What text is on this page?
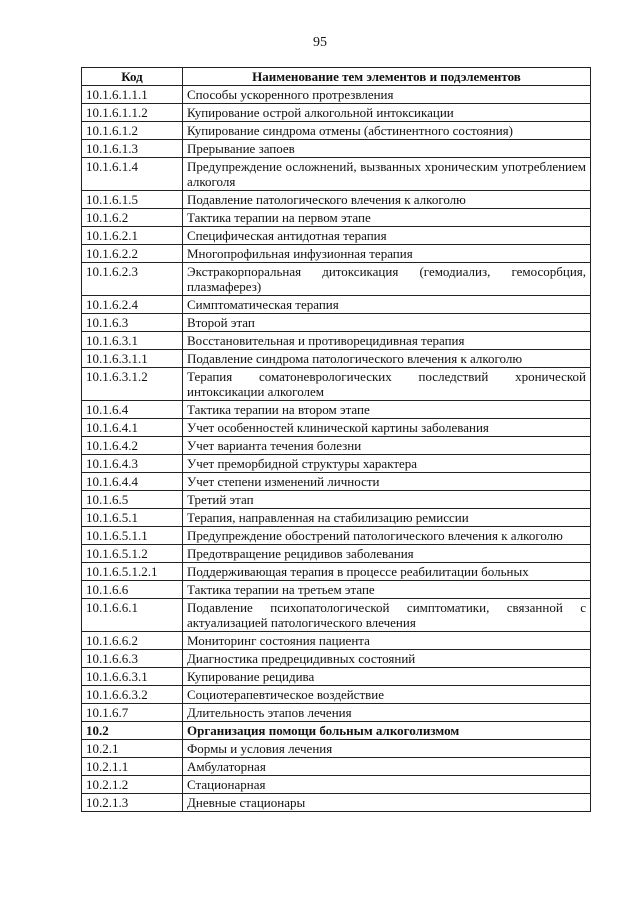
95
Код	Наименование тем элементов и подэлементов
10.1.6.1.1.1	Способы ускоренного протрезвления
10.1.6.1.1.2	Купирование острой алкогольной интоксикации
10.1.6.1.2	Купирование синдрома отмены (абстинентного состояния)
10.1.6.1.3	Прерывание запоев
10.1.6.1.4	Предупреждение осложнений, вызванных хроническим употреблением алкоголя
10.1.6.1.5	Подавление патологического влечения к алкоголю
10.1.6.2	Тактика терапии на первом этапе
10.1.6.2.1	Специфическая антидотная терапия
10.1.6.2.2	Многопрофильная инфузионная терапия
10.1.6.2.3	Экстракорпоральная дитоксикация (гемодиализ, гемосорбция, плазмаферез)
10.1.6.2.4	Симптоматическая терапия
10.1.6.3	Второй этап
10.1.6.3.1	Восстановительная и противорецидивная терапия
10.1.6.3.1.1	Подавление синдрома патологического влечения к алкоголю
10.1.6.3.1.2	Терапия соматоневрологических последствий хронической интоксикации алкоголем
10.1.6.4	Тактика терапии на втором этапе
10.1.6.4.1	Учет особенностей клинической картины заболевания
10.1.6.4.2	Учет варианта течения болезни
10.1.6.4.3	Учет преморбидной структуры характера
10.1.6.4.4	Учет степени изменений личности
10.1.6.5	Третий этап
10.1.6.5.1	Терапия, направленная на стабилизацию ремиссии
10.1.6.5.1.1	Предупреждение обострений патологического влечения к алкоголю
10.1.6.5.1.2	Предотвращение рецидивов заболевания
10.1.6.5.1.2.1	Поддерживающая терапия в процессе реабилитации больных
10.1.6.6	Тактика терапии на третьем этапе
10.1.6.6.1	Подавление психопатологической симптоматики, связанной с актуализацией патологического влечения
10.1.6.6.2	Мониторинг состояния пациента
10.1.6.6.3	Диагностика предрецидивных состояний
10.1.6.6.3.1	Купирование рецидива
10.1.6.6.3.2	Социотерапевтическое воздействие
10.1.6.7	Длительность этапов лечения
10.2	Организация помощи больным алкоголизмом
10.2.1	Формы и условия лечения
10.2.1.1	Амбулаторная
10.2.1.2	Стационарная
10.2.1.3	Дневные стационары
